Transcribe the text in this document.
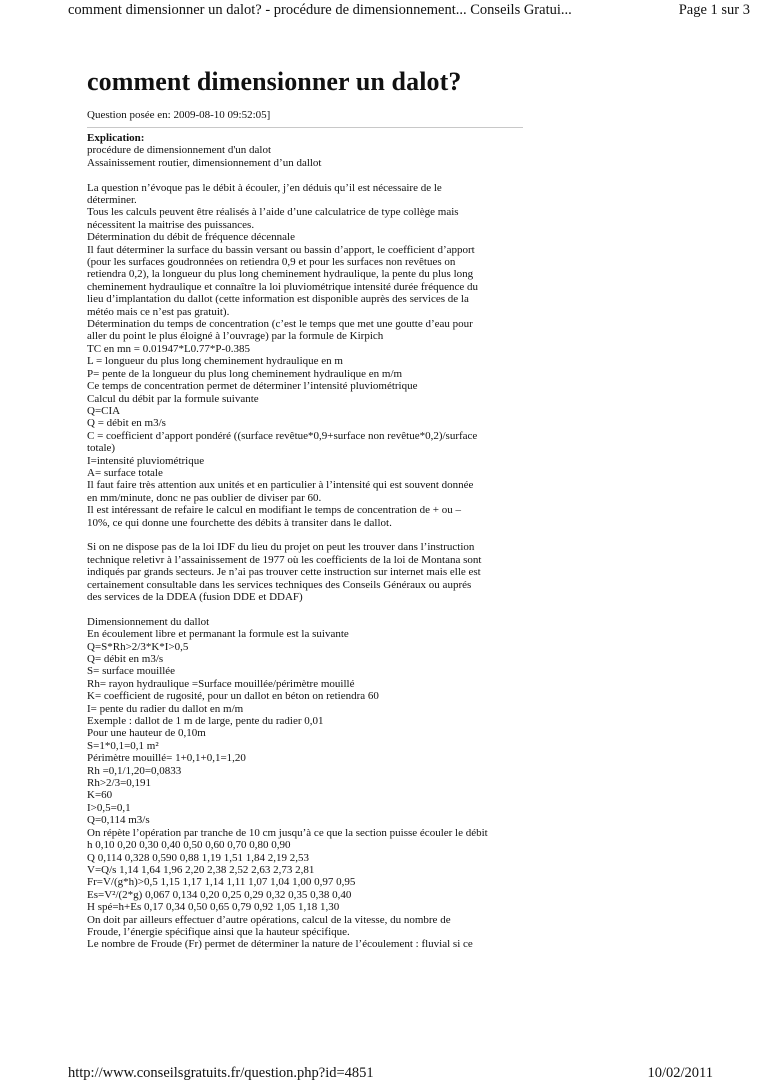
comment dimensionner un dalot? - procédure de dimensionnement... Conseils Gratui...	Page 1 sur 3
comment dimensionner un dalot?
Question posée en: 2009-08-10 09:52:05]
Explication:
procédure de dimensionnement d'un dalot
Assainissement routier, dimensionnement d’un dallot
La question n’évoque pas le débit à écouler, j’en déduis qu’il est nécessaire de le
déterminer.
Tous les calculs peuvent être réalisés à l’aide d’une calculatrice de type collège mais
nécessitent la maitrise des puissances.
Détermination du débit de fréquence décennale
Il faut déterminer la surface du bassin versant ou bassin d’apport, le coefficient d’apport
(pour les surfaces goudronnées on retiendra 0,9 et pour les surfaces non revêtues on
retiendra 0,2), la longueur du plus long cheminement hydraulique, la pente du plus long
cheminement hydraulique et connaître la loi pluviométrique intensité durée fréquence du
lieu d’implantation du dallot (cette information est disponible auprès des services de la
météo mais ce n’est pas gratuit).
Détermination du temps de concentration (c’est le temps que met une goutte d’eau pour
aller du point le plus éloigné à l’ouvrage) par la formule de Kirpich
TC en mn = 0.01947*L0.77*P-0.385
L = longueur du plus long cheminement hydraulique en m
P= pente de la longueur du plus long cheminement hydraulique en m/m
Ce temps de concentration permet de déterminer l’intensité pluviométrique
Calcul du débit par la formule suivante
Q=CIA
Q = débit en m3/s
C = coefficient d’apport pondéré ((surface revêtue*0,9+surface non revêtue*0,2)/surface
totale)
I=intensité pluviométrique
A= surface totale
Il faut faire très attention aux unités et en particulier à l’intensité qui est souvent donnée
en mm/minute, donc ne pas oublier de diviser par 60.
Il est intéressant de refaire le calcul en modifiant le temps de concentration de + ou –
10%, ce qui donne une fourchette des débits à transiter dans le dallot.
Si on ne dispose pas de la loi IDF du lieu du projet on peut les trouver dans l’instruction
technique reletivr à l’assainissement de 1977 où les coefficients de la loi de Montana sont
indiqués par grands secteurs. Je n’ai pas trouver cette instruction sur internet mais elle est
certainement consultable dans les services techniques des Conseils Généraux ou auprés
des services de la DDEA (fusion DDE et DDAF)
Dimensionnement du dallot
En écoulement libre et permanant la formule est la suivante
Q=S*Rh>2/3*K*I>0,5
Q= débit en m3/s
S= surface mouillée
Rh= rayon hydraulique =Surface mouillée/périmètre mouillé
K= coefficient de rugosité, pour un dallot en béton on retiendra 60
I= pente du radier du dallot en m/m
Exemple : dallot de 1 m de large, pente du radier 0,01
Pour une hauteur de 0,10m
S=1*0,1=0,1 m²
Périmètre mouillé= 1+0,1+0,1=1,20
Rh =0,1/1,20=0,0833
Rh>2/3=0,191
K=60
I>0,5=0,1
Q=0,114 m3/s
On répète l’opération par tranche de 10 cm jusqu’à ce que la section puisse écouler le débit
h 0,10 0,20 0,30 0,40 0,50 0,60 0,70 0,80 0,90
Q 0,114 0,328 0,590 0,88 1,19 1,51 1,84 2,19 2,53
V=Q/s 1,14 1,64 1,96 2,20 2,38 2,52 2,63 2,73 2,81
Fr=V/(g*h)>0,5 1,15 1,17 1,14 1,11 1,07 1,04 1,00 0,97 0,95
Es=V²/(2*g) 0,067 0,134 0,20 0,25 0,29 0,32 0,35 0,38 0,40
H spé=h+Es 0,17 0,34 0,50 0,65 0,79 0,92 1,05 1,18 1,30
On doit par ailleurs effectuer d’autre opérations, calcul de la vitesse, du nombre de
Froude, l’énergie spécifique ainsi que la hauteur spécifique.
Le nombre de Froude (Fr) permet de déterminer la nature de l’écoulement : fluvial si ce
http://www.conseilsgratuits.fr/question.php?id=4851	10/02/2011
